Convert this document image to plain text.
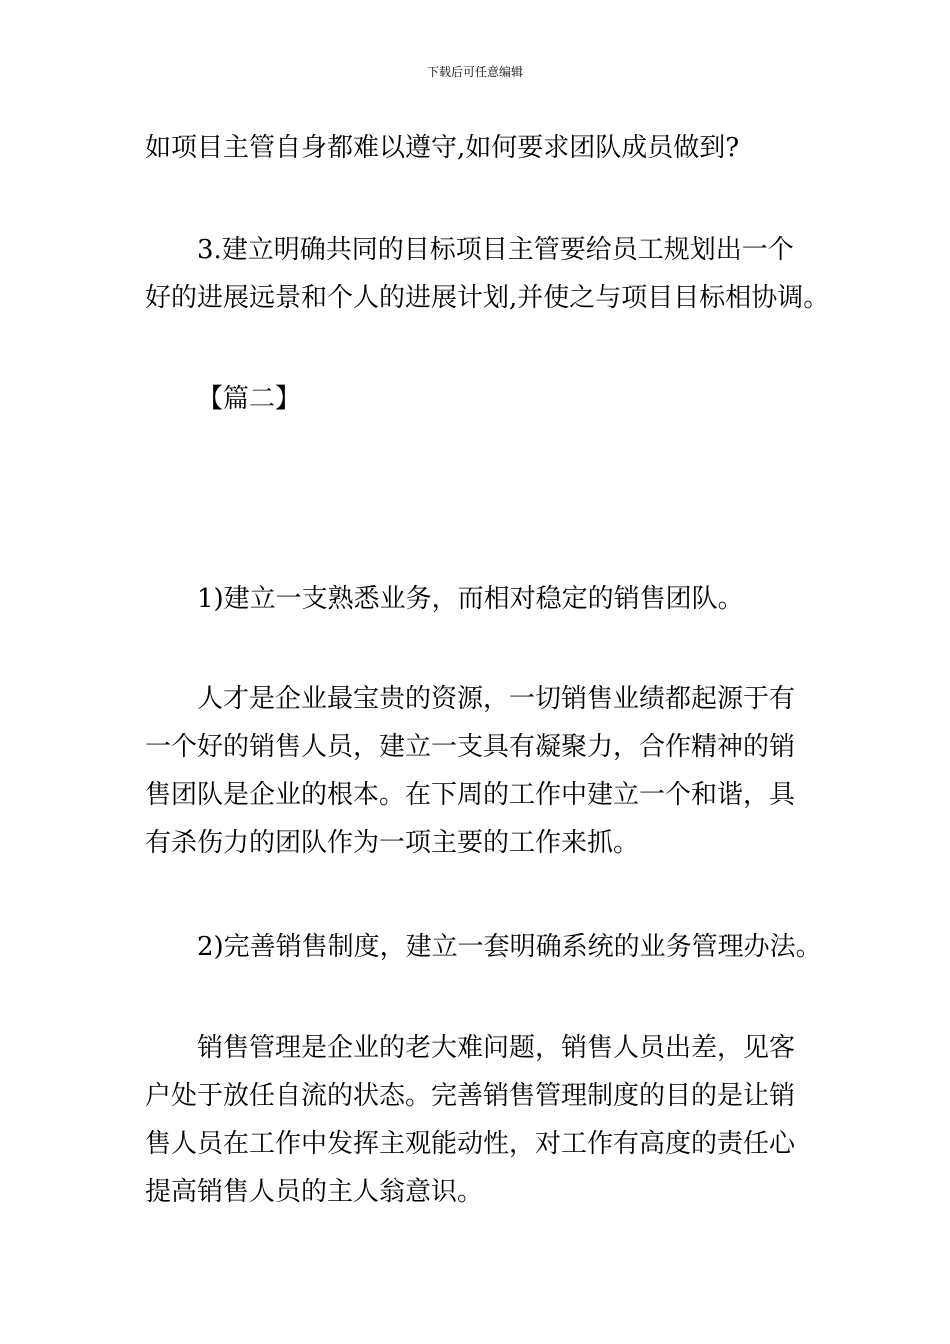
下载后可任意编辑
如项目主管自身都难以遵守,如何要求团队成员做到?
3.建立明确共同的目标项目主管要给员工规划出一个
好的进展远景和个人的进展计划,并使之与项目目标相协调。
【篇二】
1)建立一支熟悉业务，而相对稳定的销售团队。
人才是企业最宝贵的资源，一切销售业绩都起源于有
一个好的销售人员，建立一支具有凝聚力，合作精神的销
售团队是企业的根本。在下周的工作中建立一个和谐，具
有杀伤力的团队作为一项主要的工作来抓。
2)完善销售制度，建立一套明确系统的业务管理办法。
销售管理是企业的老大难问题，销售人员出差，见客
户处于放任自流的状态。完善销售管理制度的目的是让销
售人员在工作中发挥主观能动性，对工作有高度的责任心
提高销售人员的主人翁意识。
